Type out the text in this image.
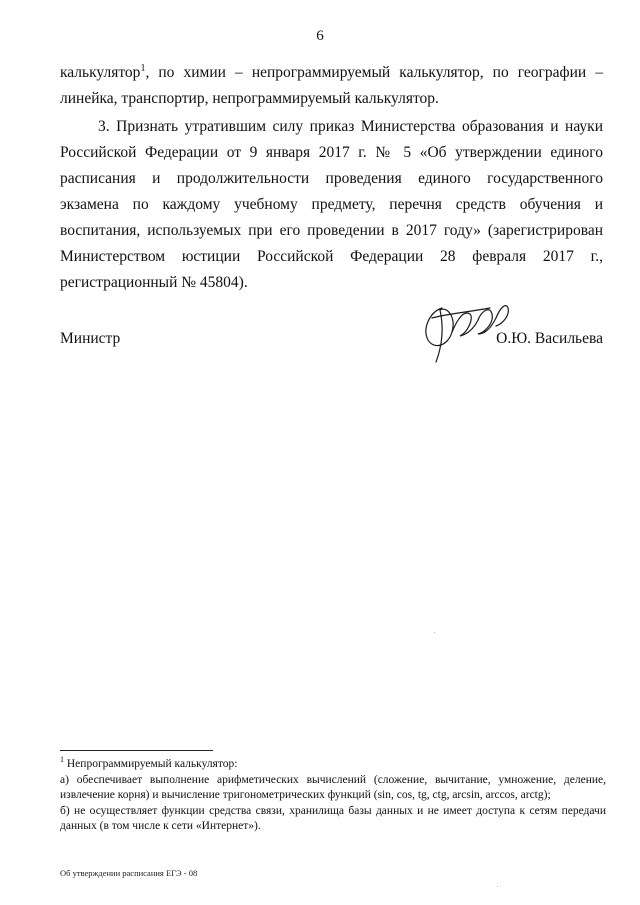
6
калькулятор$^1$, по химии – непрограммируемый калькулятор, по географии – линейка, транспортир, непрограммируемый калькулятор.
3. Признать утратившим силу приказ Министерства образования и науки Российской Федерации от 9 января 2017 г. № 5 «Об утверждении единого расписания и продолжительности проведения единого государственного экзамена по каждому учебному предмету, перечня средств обучения и воспитания, используемых при его проведении в 2017 году» (зарегистрирован Министерством юстиции Российской Федерации 28 февраля 2017 г., регистрационный № 45804).
Министр	О.Ю. Васильева

$^1$ Непрограммируемый калькулятор:

а) обеспечивает выполнение арифметических вычислений (сложение, вычитание, умножение, деление, извлечение корня) и вычисление тригонометрических функций (sin, cos, tg, ctg, arcsin, arccos, arctg);

б) не осуществляет функции средства связи, хранилища базы данных и не имеет доступа к сетям передачи данных (в том числе к сети «Интернет»).

Об утверждении расписания ЕГЭ - 08
